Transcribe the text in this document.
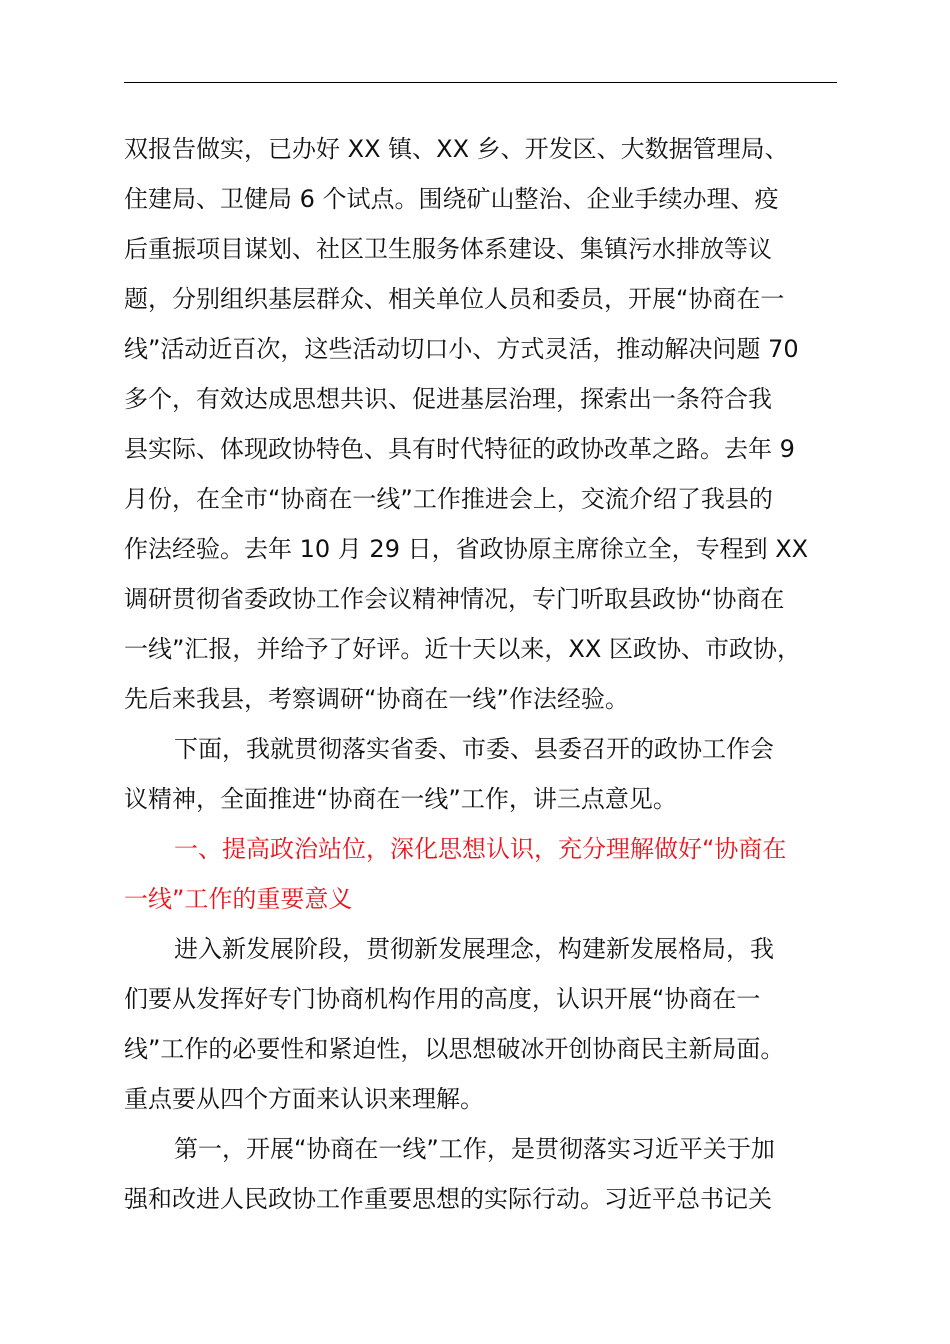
双报告做实，已办好 XX 镇、XX 乡、开发区、大数据管理局、
住建局、卫健局 6 个试点。围绕矿山整治、企业手续办理、疫
后重振项目谋划、社区卫生服务体系建设、集镇污水排放等议
题，分别组织基层群众、相关单位人员和委员，开展“协商在一
线”活动近百次，这些活动切口小、方式灵活，推动解决问题 70
多个，有效达成思想共识、促进基层治理，探索出一条符合我
县实际、体现政协特色、具有时代特征的政协改革之路。去年 9
月份，在全市“协商在一线”工作推进会上，交流介绍了我县的
作法经验。去年 10 月 29 日，省政协原主席徐立全，专程到 XX
调研贯彻省委政协工作会议精神情况，专门听取县政协“协商在
一线”汇报，并给予了好评。近十天以来，XX 区政协、市政协，
先后来我县，考察调研“协商在一线”作法经验。
下面，我就贯彻落实省委、市委、县委召开的政协工作会
议精神，全面推进“协商在一线”工作，讲三点意见。
一、提高政治站位，深化思想认识，充分理解做好“协商在
一线”工作的重要意义
进入新发展阶段，贯彻新发展理念，构建新发展格局，我
们要从发挥好专门协商机构作用的高度，认识开展“协商在一
线”工作的必要性和紧迫性，以思想破冰开创协商民主新局面。
重点要从四个方面来认识来理解。
第一，开展“协商在一线”工作，是贯彻落实习近平关于加
强和改进人民政协工作重要思想的实际行动。习近平总书记关
